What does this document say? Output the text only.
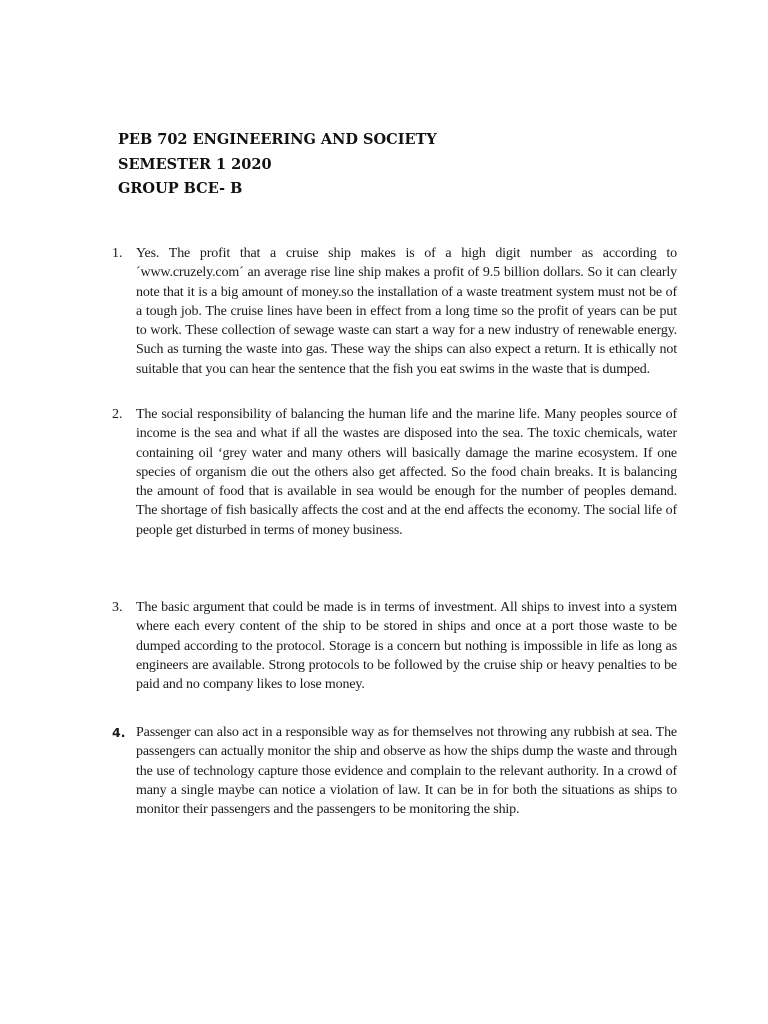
PEB 702 ENGINEERING AND SOCIETY
SEMESTER 1 2020
GROUP BCE- B
1. Yes. The profit that a cruise ship makes is of a high digit number as according to ´www.cruzely.com´ an average rise line ship makes a profit of 9.5 billion dollars. So it can clearly note that it is a big amount of money.so the installation of a waste treatment system must not be of a tough job. The cruise lines have been in effect from a long time so the profit of years can be put to work. These collection of sewage waste can start a way for a new industry of renewable energy. Such as turning the waste into gas. These way the ships can also expect a return. It is ethically not suitable that you can hear the sentence that the fish you eat swims in the waste that is dumped.
2. The social responsibility of balancing the human life and the marine life. Many peoples source of income is the sea and what if all the wastes are disposed into the sea. The toxic chemicals, water containing oil ‘grey water and many others will basically damage the marine ecosystem. If one species of organism die out the others also get affected. So the food chain breaks. It is balancing the amount of food that is available in sea would be enough for the number of peoples demand. The shortage of fish basically affects the cost and at the end affects the economy. The social life of people get disturbed in terms of money business.
3. The basic argument that could be made is in terms of investment. All ships to invest into a system where each every content of the ship to be stored in ships and once at a port those waste to be dumped according to the protocol. Storage is a concern but nothing is impossible in life as long as engineers are available. Strong protocols to be followed by the cruise ship or heavy penalties to be paid and no company likes to lose money.
4. Passenger can also act in a responsible way as for themselves not throwing any rubbish at sea. The passengers can actually monitor the ship and observe as how the ships dump the waste and through the use of technology capture those evidence and complain to the relevant authority. In a crowd of many a single maybe can notice a violation of law. It can be in for both the situations as ships to monitor their passengers and the passengers to be monitoring the ship.
